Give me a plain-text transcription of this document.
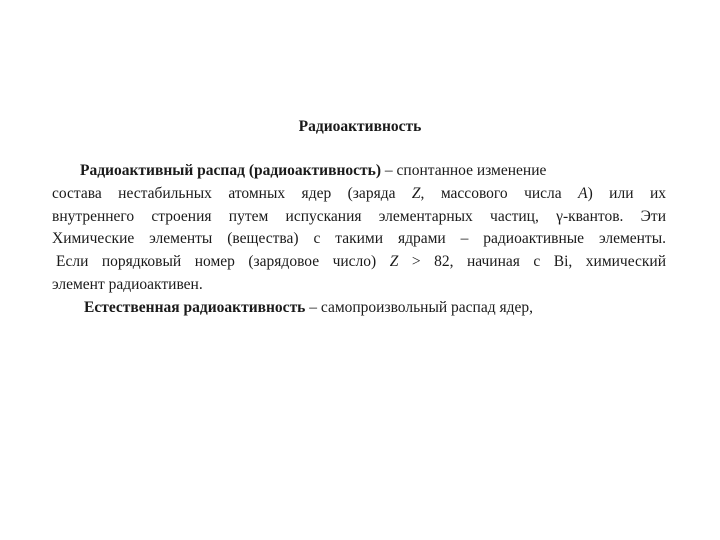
Радиоактивность
Радиоактивный распад (радиоактивность) – спонтанное изменение
состава нестабильных атомных ядер (заряда Z, массового числа A) или их
внутреннего строения путем испускания элементарных частиц, γ-квантов. Эти
Химические элементы (вещества) с такими ядрами – радиоактивные элементы.
Если порядковый номер (зарядовое число) Z > 82, начиная с Bi, химический
элемент радиоактивен.
Естественная радиоактивность – самопроизвольный распад ядер,
